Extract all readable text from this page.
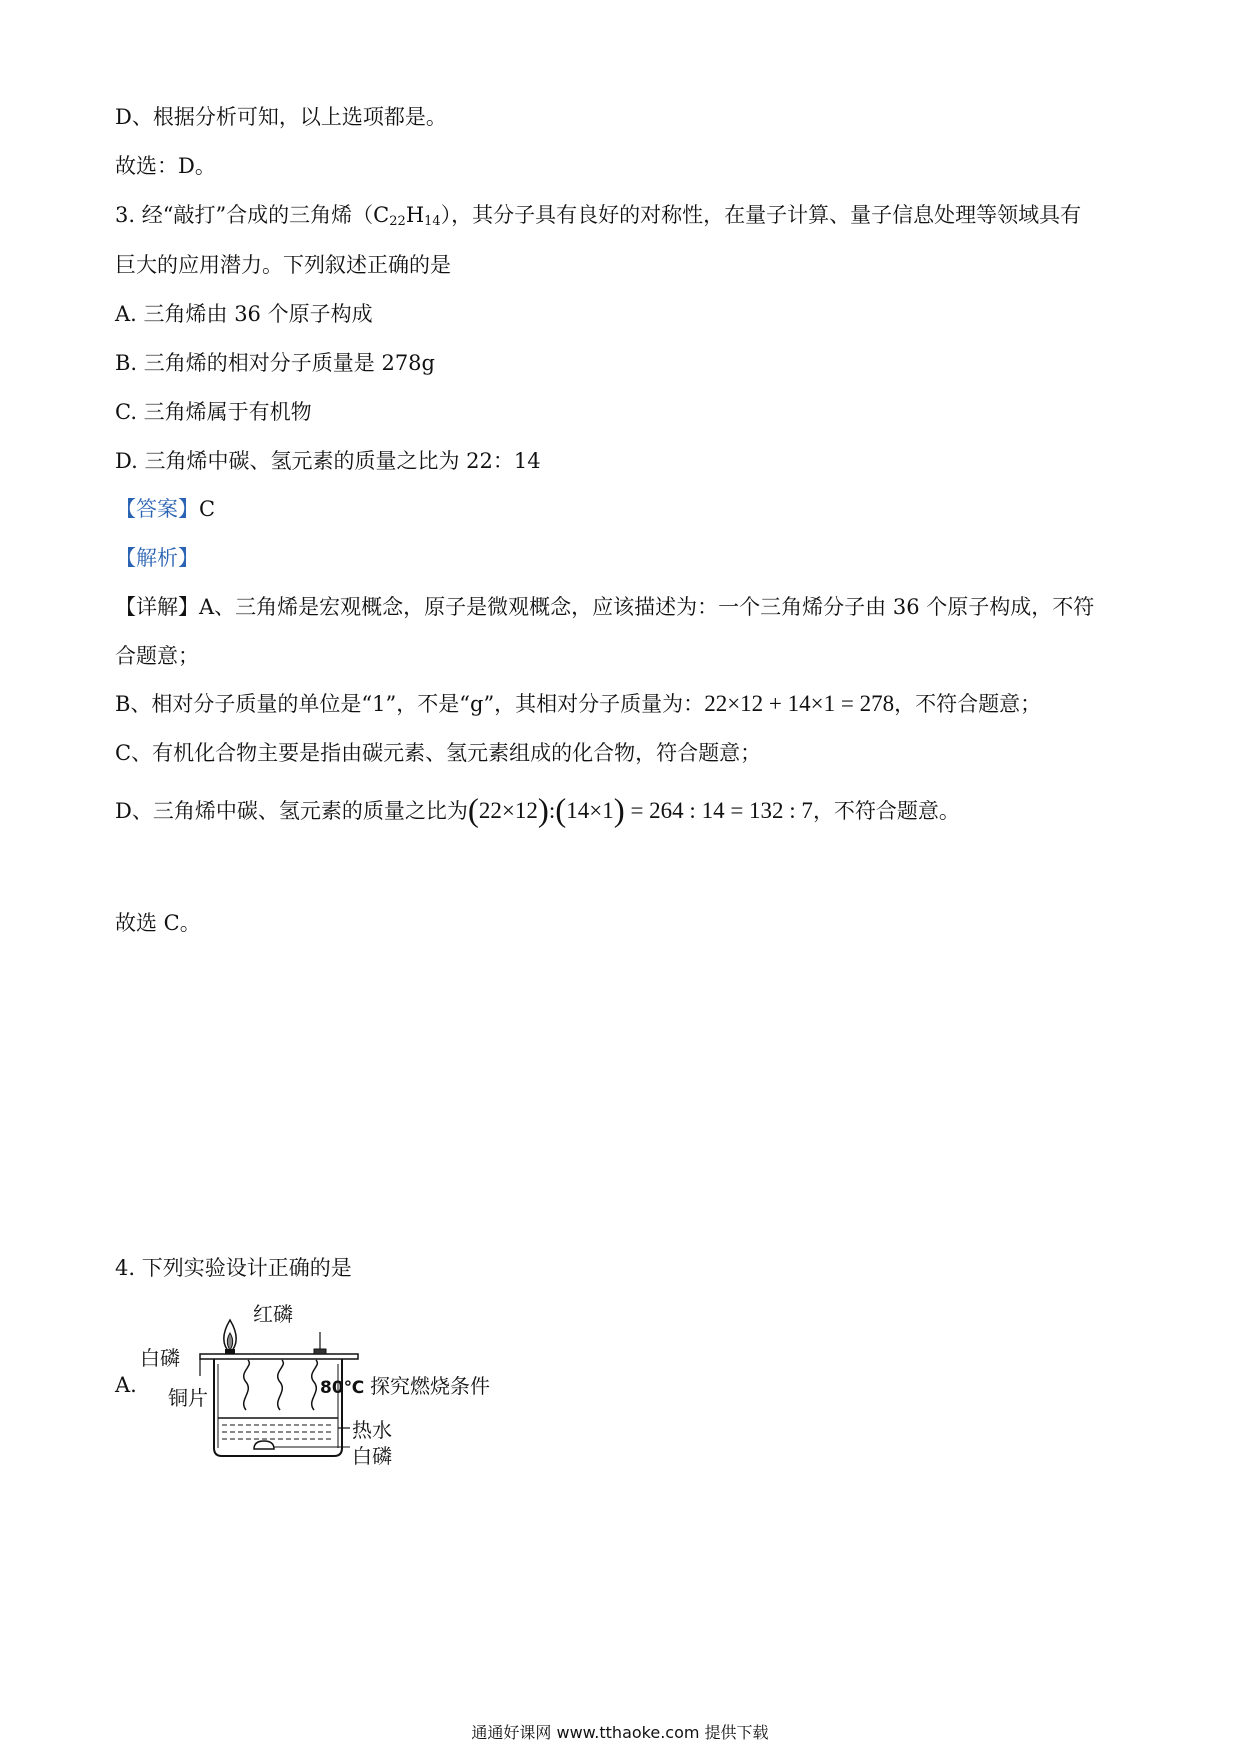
D、根据分析可知，以上选项都是。
故选：D。
3. 经“敲打”合成的三角烯$(C_{22}H_{14})$，其分子具有良好的对称性，在量子计算、量子信息处理等领域具有
巨大的应用潜力。下列叙述正确的是
A. 三角烯由 36 个原子构成
B. 三角烯的相对分子质量是 278g
C. 三角烯属于有机物
D. 三角烯中碳、氢元素的质量之比为 22：14
【答案】C
【解析】
【详解】A、三角烯是宏观概念，原子是微观概念，应该描述为：一个三角烯分子由 36 个原子构成，不符
合题意；
B、相对分子质量的单位是“1”，不是“g”，其相对分子质量为：22×12 + 14×1 = 278，不符合题意；
C、有机化合物主要是指由碳元素、氢元素组成的化合物，符合题意；
D、三角烯中碳、氢元素的质量之比为(22×12):(14×1) = 264 : 14 = 132 : 7，不符合题意。
故选 C。
4. 下列实验设计正确的是
A.
红磷
白磷
铜片	80℃
热水
白磷
探究燃烧条件
通通好课网 www.tthaoke.com 提供下载
